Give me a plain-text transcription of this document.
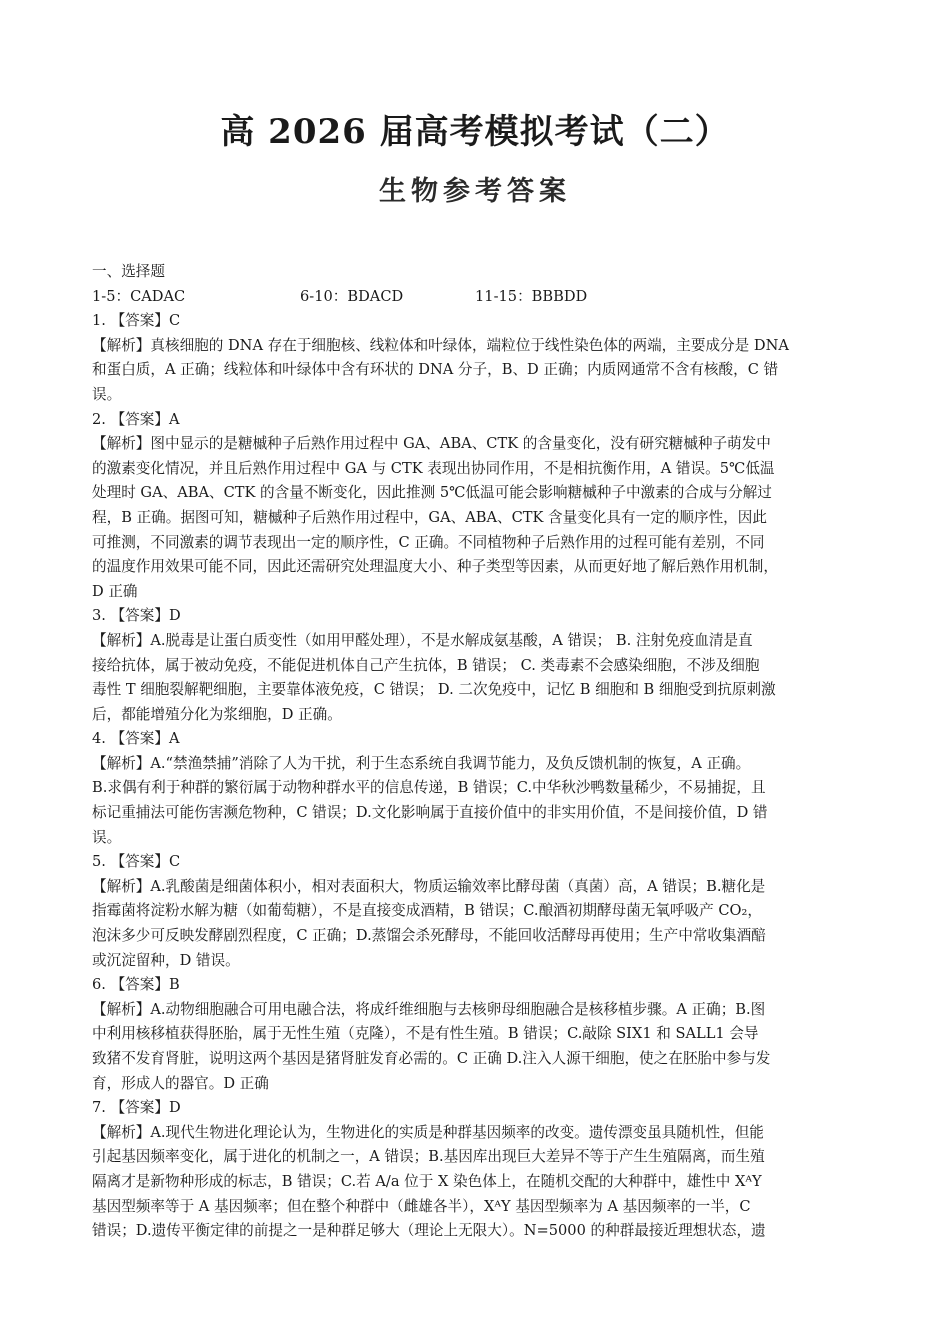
高 2026 届高考模拟考试（二）
生物参考答案
一、选择题
1-5：CADAC	6-10：BDACD	11-15：BBBDD
1. 【答案】C
【解析】真核细胞的 DNA 存在于细胞核、线粒体和叶绿体，端粒位于线性染色体的两端，主要成分是 DNA
和蛋白质，A 正确；线粒体和叶绿体中含有环状的 DNA 分子，B、D 正确；内质网通常不含有核酸，C 错
误。
2. 【答案】A
【解析】图中显示的是糖槭种子后熟作用过程中 GA、ABA、CTK 的含量变化，没有研究糖槭种子萌发中
的激素变化情况，并且后熟作用过程中 GA 与 CTK 表现出协同作用，不是相抗衡作用，A 错误。5℃低温
处理时 GA、ABA、CTK 的含量不断变化，因此推测 5℃低温可能会影响糖槭种子中激素的合成与分解过
程，B 正确。据图可知，糖槭种子后熟作用过程中，GA、ABA、CTK 含量变化具有一定的顺序性，因此
可推测，不同激素的调节表现出一定的顺序性，C 正确。不同植物种子后熟作用的过程可能有差别，不同
的温度作用效果可能不同，因此还需研究处理温度大小、种子类型等因素，从而更好地了解后熟作用机制，
D 正确
3. 【答案】D
【解析】A.脱毒是让蛋白质变性（如用甲醛处理），不是水解成氨基酸，A 错误； B. 注射免疫血清是直
接给抗体，属于被动免疫，不能促进机体自己产生抗体，B 错误； C. 类毒素不会感染细胞，不涉及细胞
毒性 T 细胞裂解靶细胞，主要靠体液免疫，C 错误； D. 二次免疫中，记忆 B 细胞和 B 细胞受到抗原刺激
后，都能增殖分化为浆细胞，D 正确。
4. 【答案】A
【解析】A.“禁渔禁捕”消除了人为干扰，利于生态系统自我调节能力，及负反馈机制的恢复，A 正确。
B.求偶有利于种群的繁衍属于动物种群水平的信息传递，B 错误；C.中华秋沙鸭数量稀少，不易捕捉，且
标记重捕法可能伤害濒危物种，C 错误；D.文化影响属于直接价值中的非实用价值，不是间接价值，D 错
误。
5. 【答案】C
【解析】A.乳酸菌是细菌体积小，相对表面积大，物质运输效率比酵母菌（真菌）高，A 错误；B.糖化是
指霉菌将淀粉水解为糖（如葡萄糖），不是直接变成酒精，B 错误；C.酿酒初期酵母菌无氧呼吸产 CO₂，
泡沫多少可反映发酵剧烈程度，C 正确；D.蒸馏会杀死酵母，不能回收活酵母再使用；生产中常收集酒醅
或沉淀留种，D 错误。
6. 【答案】B
【解析】A.动物细胞融合可用电融合法，将成纤维细胞与去核卵母细胞融合是核移植步骤。A 正确；B.图
中利用核移植获得胚胎，属于无性生殖（克隆），不是有性生殖。B 错误；C.敲除 SIX1 和 SALL1 会导
致猪不发育肾脏，说明这两个基因是猪肾脏发育必需的。C 正确 D.注入人源干细胞，使之在胚胎中参与发
育，形成人的器官。D 正确
7. 【答案】D
【解析】A.现代生物进化理论认为，生物进化的实质是种群基因频率的改变。遗传漂变虽具随机性，但能
引起基因频率变化，属于进化的机制之一，A 错误；B.基因库出现巨大差异不等于产生生殖隔离，而生殖
隔离才是新物种形成的标志，B 错误；C.若 A/a 位于 X 染色体上，在随机交配的大种群中，雄性中 XᴬY
基因型频率等于 A 基因频率；但在整个种群中（雌雄各半），XᴬY 基因型频率为 A 基因频率的一半，C
错误；D.遗传平衡定律的前提之一是种群足够大（理论上无限大）。N=5000 的种群最接近理想状态，遗
